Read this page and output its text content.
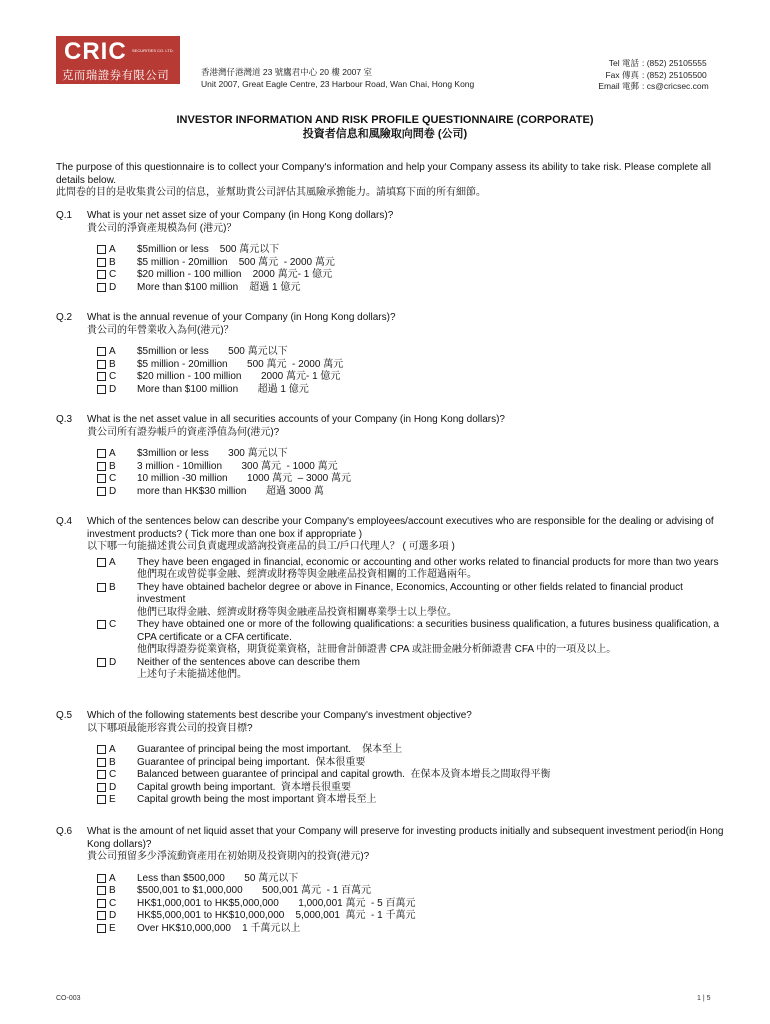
CRIC SECURITIES CO. LTD.
克而瑞證券有限公司	香港灣仔港灣道 23 號鷹君中心 20 樓 2007 室
Unit 2007, Great Eagle Centre, 23 Harbour Road, Wan Chai, Hong Kong
Tel 電話 : (852) 25105555
Fax 傳真 : (852) 25105500
Email 電郵 : cs@cricsec.com
INVESTOR INFORMATION AND RISK PROFILE QUESTIONNAIRE (CORPORATE)
投資者信息和風險取向問卷 (公司)
The purpose of this questionnaire is to collect your Company's information and help your Company assess its ability to take risk. Please complete all details below.
此問卷的目的是收集貴公司的信息，並幫助貴公司評估其風險承擔能力。請填寫下面的所有細節。
Q.1 What is your net asset size of your Company (in Hong Kong dollars)?
貴公司的淨資產規模為何 (港元)？
A	$5million or less    500 萬元以下
B	$5 million - 20million    500 萬元  - 2000 萬元
C	$20 million - 100 million    2000 萬元- 1 億元
D	More than $100 million    超過 1 億元
Q.2 What is the annual revenue of your Company (in Hong Kong dollars)?
貴公司的年營業收入為何(港元)？
A	$5million or less       500 萬元以下
B	$5 million - 20million       500 萬元  - 2000 萬元
C	$20 million - 100 million       2000 萬元- 1 億元
D	More than $100 million       超過 1 億元
Q.3 What is the net asset value in all securities accounts of your Company (in Hong Kong dollars)?
貴公司所有證券帳戶的資產淨值為何(港元)?
A	$3million or less       300 萬元以下
B	3 million - 10million       300 萬元  - 1000 萬元
C	10 million -30 million       1000 萬元  – 3000 萬元
D	more than HK$30 million       超過 3000 萬
Q.4 Which of the sentences below can describe your Company's employees/account executives who are responsible for the dealing or advising of investment products? ( Tick more than one box if appropriate )
以下哪一句能描述貴公司負責處理或諮詢投資產品的員工/戶口代理人？ ( 可選多項 )
A	They have been engaged in financial, economic or accounting and other works related to financial products for more than two years
他們現在或曾從事金融、經濟或財務等與金融產品投資相關的工作超過兩年。
B	They have obtained bachelor degree or above in Finance, Economics, Accounting or other fields related to financial product investment
他們已取得金融、經濟或財務等與金融產品投資相關專業學士以上學位。
C	They have obtained one or more of the following qualifications: a securities business qualification, a futures business qualification, a CPA certificate or a CFA certificate.
他們取得證券從業資格，期貨從業資格，註冊會計師證書 CPA 或註冊金融分析師證書 CFA 中的一項及以上。
D	Neither of the sentences above can describe them
上述句子未能描述他們。
Q.5 Which of the following statements best describe your Company's investment objective?
以下哪項最能形容貴公司的投資目標?
A	Guarantee of principal being the most important.    保本至上
B	Guarantee of principal being important.  保本很重要
C	Balanced between guarantee of principal and capital growth.  在保本及資本增長之間取得平衡
D	Capital growth being important.  資本增長很重要
E	Capital growth being the most important 資本增長至上
Q.6 What is the amount of net liquid asset that your Company will preserve for investing products initially and subsequent investment period(in Hong Kong dollars)?
貴公司預留多少淨流動資產用在初始期及投資期內的投資(港元)?
A	Less than $500,000       50 萬元以下
B	$500,001 to $1,000,000       500,001 萬元  - 1 百萬元
C	HK$1,000,001 to HK$5,000,000       1,000,001 萬元  - 5 百萬元
D	HK$5,000,001 to HK$10,000,000    5,000,001  萬元  - 1 千萬元
E	Over HK$10,000,000    1 千萬元以上
CO-003	1 | 5
